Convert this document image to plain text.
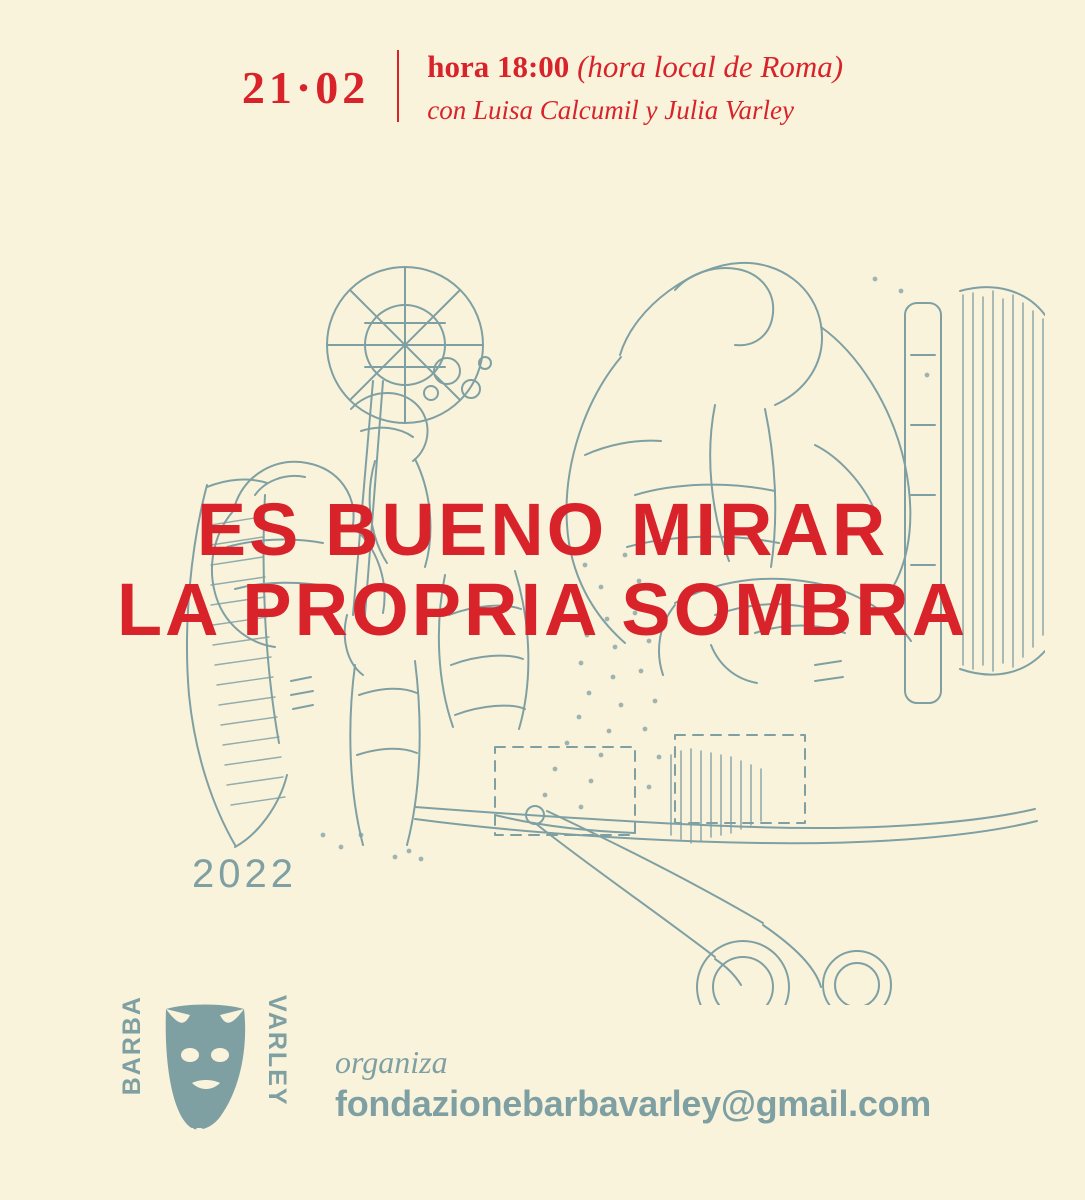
21·02	hora 18:00 (hora local de Roma)
con Luisa Calcumil y Julia Varley
ES BUENO MIRAR
LA PROPRIA SOMBRA
2022
BARBA	VARLEY
FONDAZIONE
organiza
fondazionebarbavarley@gmail.com
